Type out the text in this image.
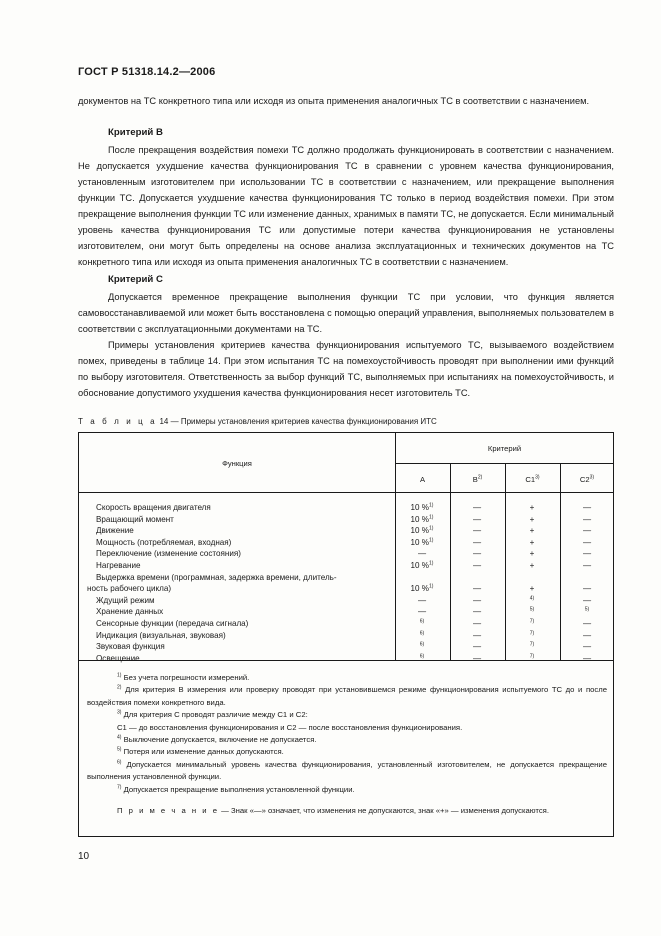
ГОСТ Р 51318.14.2—2006

документов на ТС конкретного типа или исходя из опыта применения аналогичных ТС в соответствии с назначением.

Критерий В

После прекращения воздействия помехи ТС должно продолжать функционировать в соответствии с назначением. Не допускается ухудшение качества функционирования ТС в сравнении с уровнем качества функционирования, установленным изготовителем при использовании ТС в соответствии с назначением, или прекращение выполнения функции ТС. Допускается ухудшение качества функционирования ТС только в период воздействия помехи. При этом прекращение выполнения функции ТС или изменение данных, хранимых в памяти ТС, не допускается. Если минимальный уровень качества функционирования ТС или допустимые потери качества функционирования не установлены изготовителем, они могут быть определены на основе анализа эксплуатационных и технических документов на ТС конкретного типа или исходя из опыта применения аналогичных ТС в соответствии с назначением.

Критерий С

Допускается временное прекращение выполнения функции ТС при условии, что функция является самовосстанавливаемой или может быть восстановлена с помощью операций управления, выполняемых пользователем в соответствии с эксплуатационными документами на ТС.

Примеры установления критериев качества функционирования испытуемого ТС, вызываемого воздействием помех, приведены в таблице 14. При этом испытания ТС на помехоустойчивость проводят при выполнении ими функций по выбору изготовителя. Ответственность за выбор функций ТС, выполняемых при испытаниях на помехоустойчивость, и обоснование допустимого ухудшения качества функционирования несет изготовитель ТС.

Т а б л и ц а 14 — Примеры установления критериев качества функционирования ИТС
Функция
Критерий
А	$В^{2)}$	С1$^{3)}$	С2$^{3)}$
Скорость вращения двигателя	10 %$^{1)}$	—	+	—
Вращающий момент	10 %$^{1)}$	—	+	—
Движение	10 %$^{1)}$	—	+	—
Мощность (потребляемая, входная)	10 %$^{1)}$	—	+	—
Переключение (изменение состояния)	—	—	+	—
Нагревание	10 %$^{1)}$	—	+	—
Выдержка времени (программная, задержка времени, длитель-
ность рабочего цикла)	10 %$^{1)}$	—	+	—
Ждущий режим	—	—	$^{4)}$	—
Хранение данных	—	—	$^{5)}$	$^{5)}$
Сенсорные функции (передача сигнала)	$^{6)}$	—	$^{7)}$	—
Индикация (визуальная, звуковая)	$^{6)}$	—	$^{7)}$	—
Звуковая функция	$^{6)}$	—	$^{7)}$	—
Освещение	$^{6)}$	—	$^{7)}$	—

$^{1)}$ Без учета погрешности измерений.

$^{2)}$ Для критерия В измерения или проверку проводят при установившемся режиме функционирования испытуемого ТС до и после воздействия помехи конкретного вида.

$^{3)}$ Для критерия С проводят различие между С1 и С2:

С1 — до восстановления функционирования и С2 — после восстановления функционирования.

$^{4)}$ Выключение допускается, включение не допускается.

$^{5)}$ Потеря или изменение данных допускаются.

$^{6)}$ Допускается минимальный уровень качества функционирования, установленный изготовителем, не допускается прекращение выполнения установленной функции.

$^{7)}$ Допускается прекращение выполнения установленной функции.

П р и м е ч а н и е — Знак «—» означает, что изменения не допускаются, знак «+» — изменения допускаются.

10
